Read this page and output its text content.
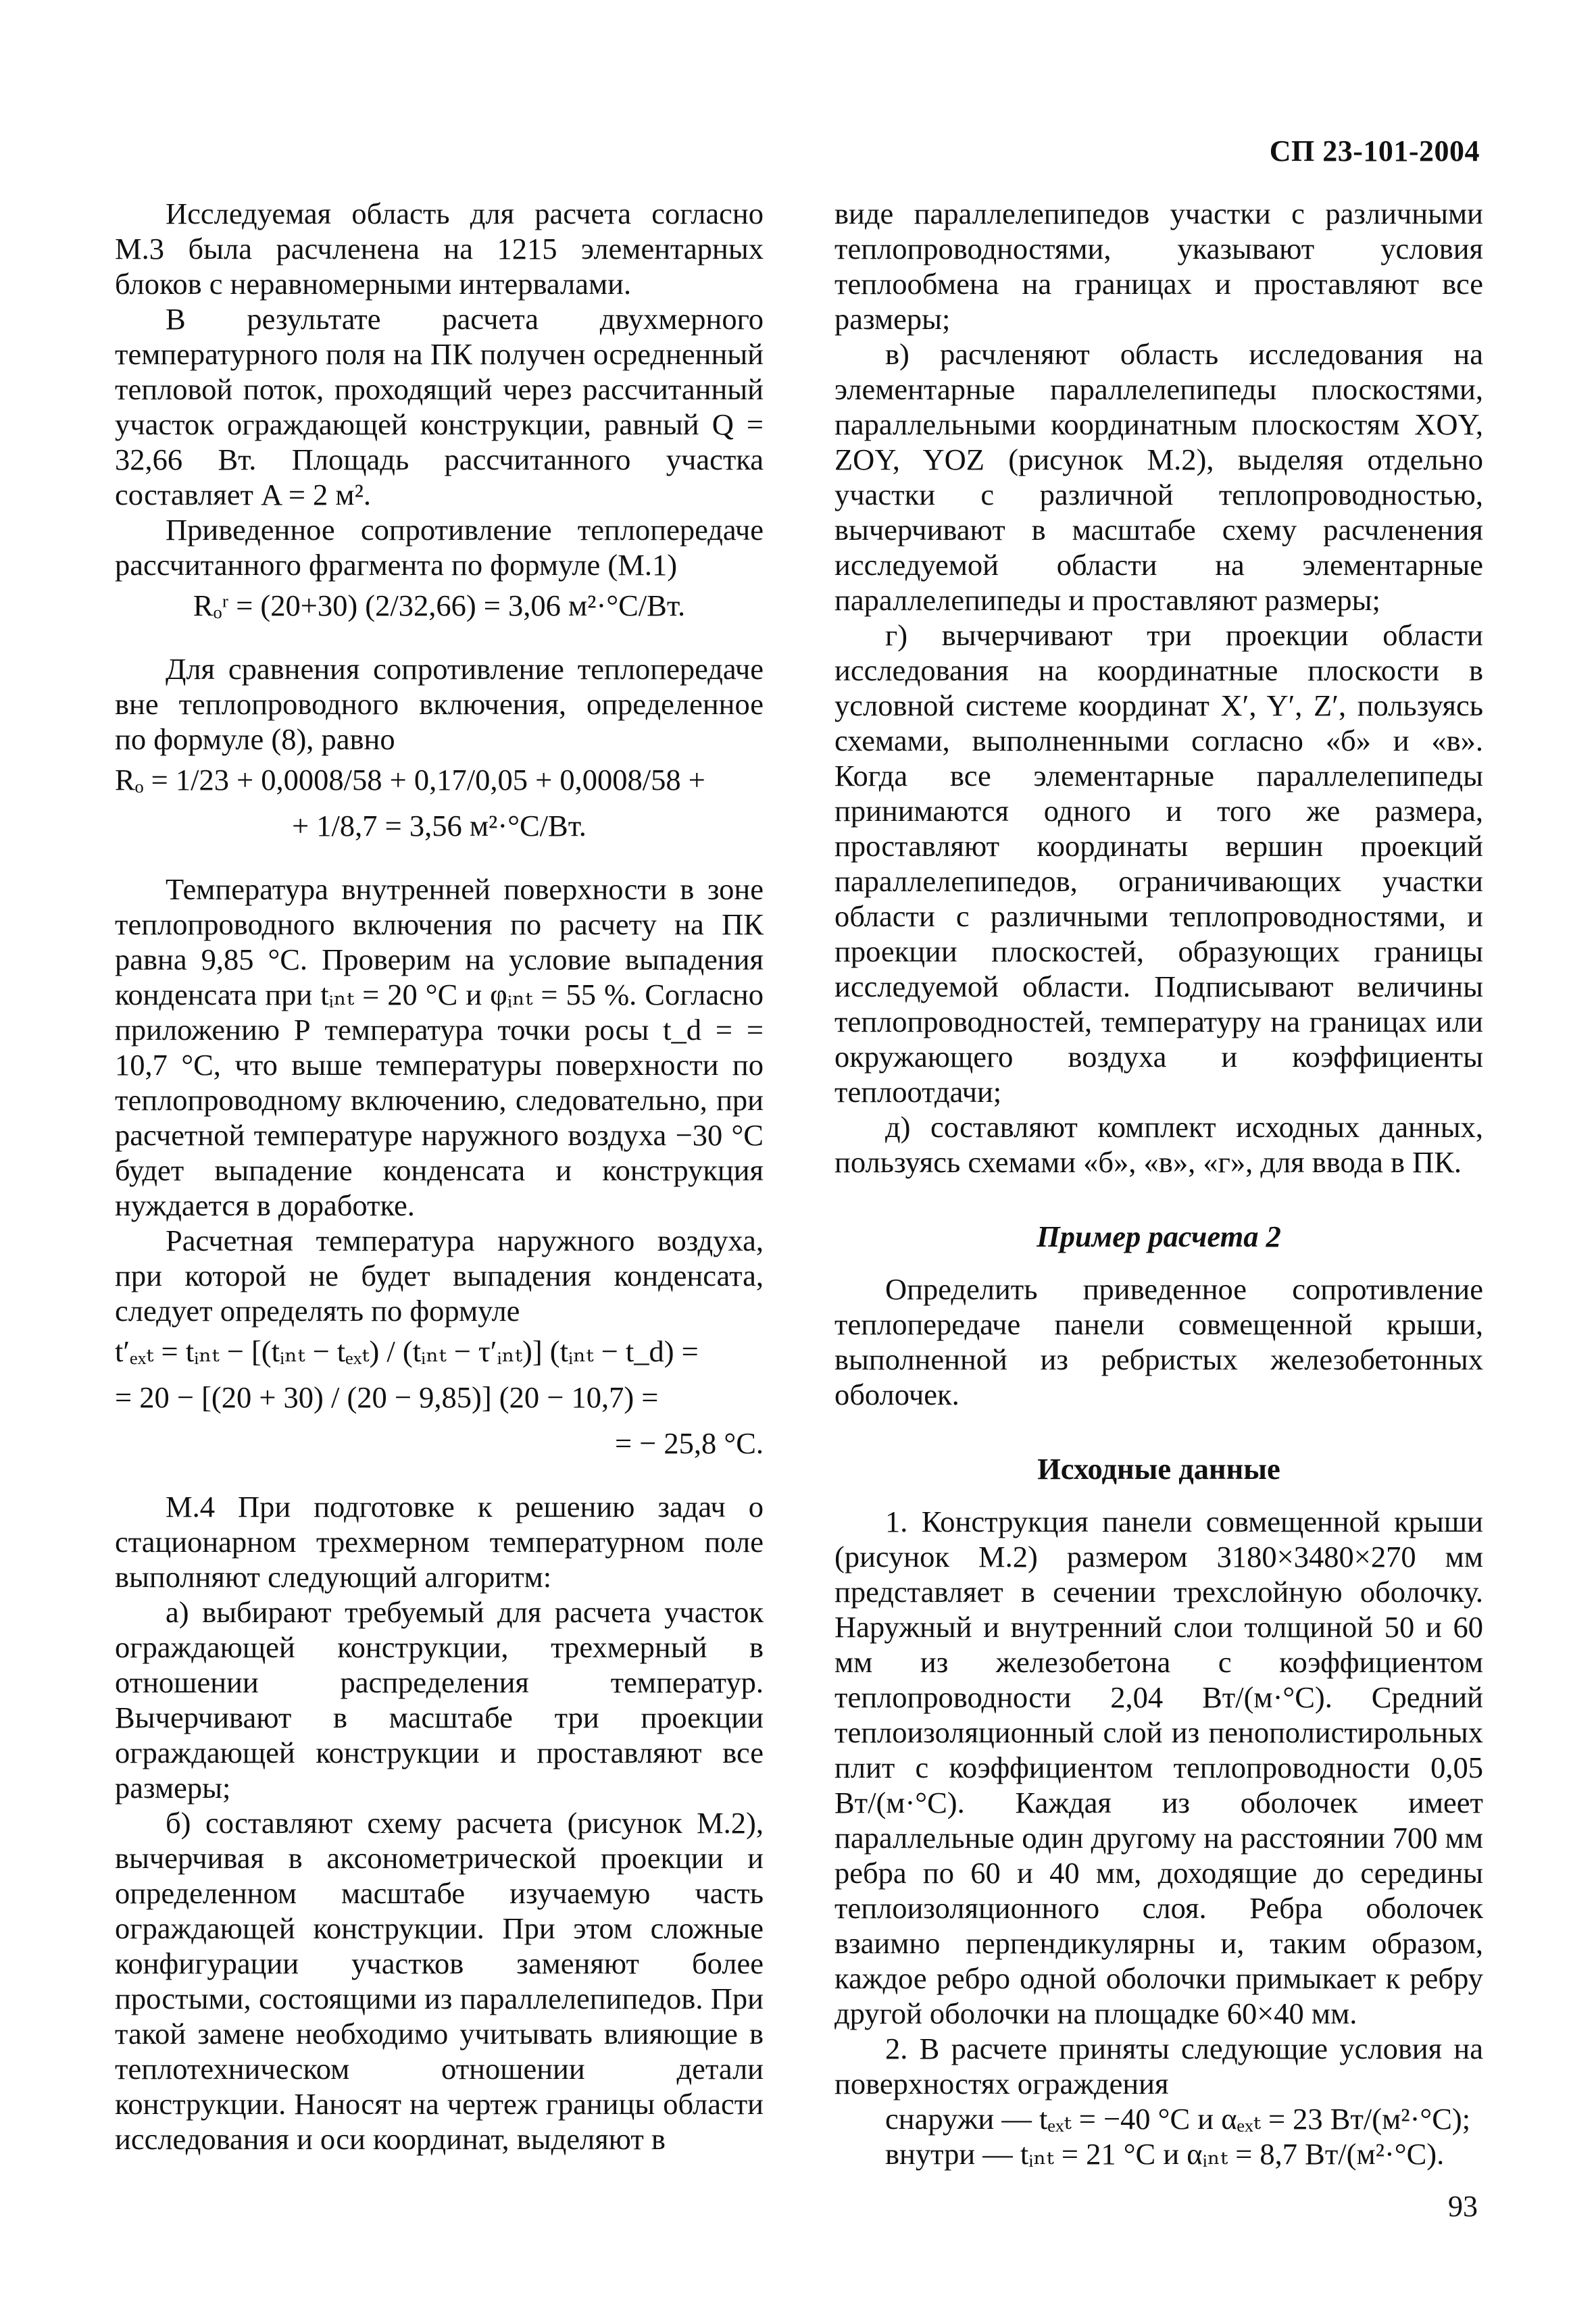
СП 23-101-2004

Исследуемая область для расчета согласно М.3 была расчленена на 1215 элементарных блоков с неравномерными интервалами.

В результате расчета двухмерного температурного поля на ПК получен осредненный тепловой поток, проходящий через рассчитанный участок ограждающей конструкции, равный Q = 32,66 Вт. Площадь рассчитанного участка составляет A = 2 м².

Приведенное сопротивление теплопередаче рассчитанного фрагмента по формуле (М.1)

Rₒʳ = (20+30) (2/32,66) = 3,06 м²·°С/Вт.

Для сравнения сопротивление теплопередаче вне теплопроводного включения, определенное по формуле (8), равно

Rₒ = 1/23 + 0,0008/58 + 0,17/0,05 + 0,0008/58 +
+ 1/8,7 = 3,56 м²·°С/Вт.

Температура внутренней поверхности в зоне теплопроводного включения по расчету на ПК равна 9,85 °С. Проверим на условие выпадения конденсата при tᵢₙₜ = 20 °С и φᵢₙₜ = 55 %. Согласно приложению Р температура точки росы t_d = = 10,7 °С, что выше температуры поверхности по теплопроводному включению, следовательно, при расчетной температуре наружного воздуха −30 °С будет выпадение конденсата и конструкция нуждается в доработке.

Расчетная температура наружного воздуха, при которой не будет выпадения конденсата, следует определять по формуле

t′ₑₓₜ = tᵢₙₜ − [(tᵢₙₜ − tₑₓₜ) / (tᵢₙₜ − τ′ᵢₙₜ)] (tᵢₙₜ − t_d) =
= 20 − [(20 + 30) / (20 − 9,85)] (20 − 10,7) =
= − 25,8 °С.

М.4 При подготовке к решению задач о стационарном трехмерном температурном поле выполняют следующий алгоритм:

а) выбирают требуемый для расчета участок ограждающей конструкции, трехмерный в отношении распределения температур. Вычерчивают в масштабе три проекции ограждающей конструкции и проставляют все размеры;

б) составляют схему расчета (рисунок М.2), вычерчивая в аксонометрической проекции и определенном масштабе изучаемую часть ограждающей конструкции. При этом сложные конфигурации участков заменяют более простыми, состоящими из параллелепипедов. При такой замене необходимо учитывать влияющие в теплотехническом отношении детали конструкции. Наносят на чертеж границы области исследования и оси координат, выделяют в

виде параллелепипедов участки с различными теплопроводностями, указывают условия теплообмена на границах и проставляют все размеры;

в) расчленяют область исследования на элементарные параллелепипеды плоскостями, параллельными координатным плоскостям XOY, ZOY, YOZ (рисунок М.2), выделяя отдельно участки с различной теплопроводностью, вычерчивают в масштабе схему расчленения исследуемой области на элементарные параллелепипеды и проставляют размеры;

г) вычерчивают три проекции области исследования на координатные плоскости в условной системе координат X′, Y′, Z′, пользуясь схемами, выполненными согласно «б» и «в». Когда все элементарные параллелепипеды принимаются одного и того же размера, проставляют координаты вершин проекций параллелепипедов, ограничивающих участки области с различными теплопроводностями, и проекции плоскостей, образующих границы исследуемой области. Подписывают величины теплопроводностей, температуру на границах или окружающего воздуха и коэффициенты теплоотдачи;

д) составляют комплект исходных данных, пользуясь схемами «б», «в», «г», для ввода в ПК.

Пример расчета 2

Определить приведенное сопротивление теплопередаче панели совмещенной крыши, выполненной из ребристых железобетонных оболочек.

Исходные данные

1. Конструкция панели совмещенной крыши (рисунок М.2) размером 3180×3480×270 мм представляет в сечении трехслойную оболочку. Наружный и внутренний слои толщиной 50 и 60 мм из железобетона с коэффициентом теплопроводности 2,04 Вт/(м·°С). Средний теплоизоляционный слой из пенополистирольных плит с коэффициентом теплопроводности 0,05 Вт/(м·°С). Каждая из оболочек имеет параллельные один другому на расстоянии 700 мм ребра по 60 и 40 мм, доходящие до середины теплоизоляционного слоя. Ребра оболочек взаимно перпендикулярны и, таким образом, каждое ребро одной оболочки примыкает к ребру другой оболочки на площадке 60×40 мм.

2. В расчете приняты следующие условия на поверхностях ограждения

снаружи — tₑₓₜ = −40 °С и αₑₓₜ = 23 Вт/(м²·°С);

внутри — tᵢₙₜ = 21 °С и αᵢₙₜ = 8,7 Вт/(м²·°С).

93
